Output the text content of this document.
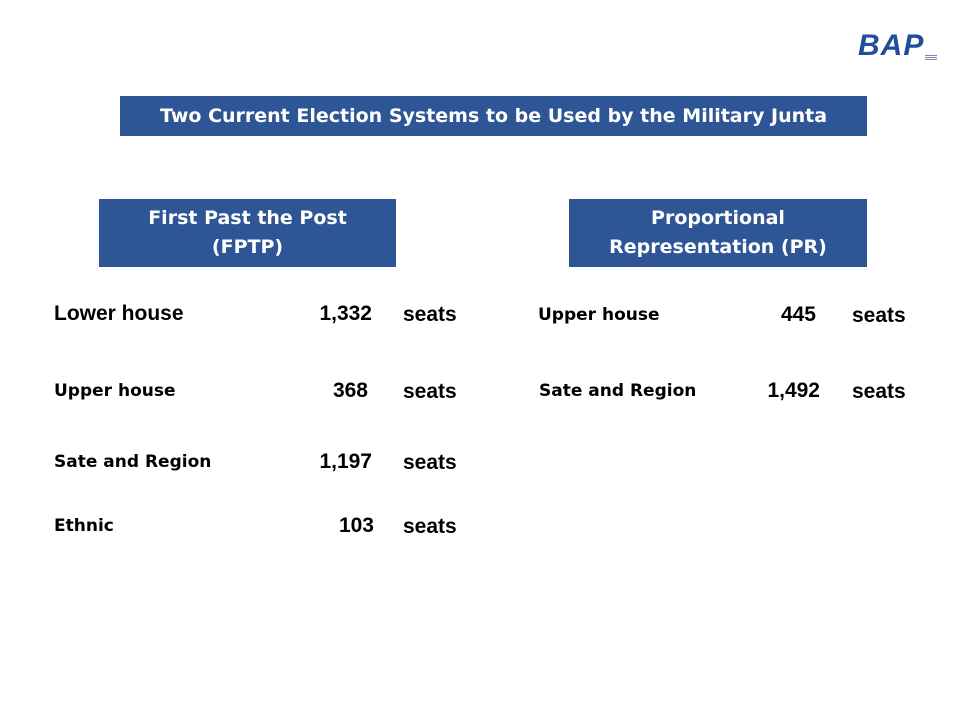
BAP
Two Current Election Systems to be Used by the Military Junta
First Past the Post
(FPTP)
Proportional
Representation (PR)
Lower house	1,332 seats
Upper house	368 seats
Sate and Region	1,197 seats
Ethnic	103 seats
Upper house	445 seats
Sate and Region	1,492 seats
